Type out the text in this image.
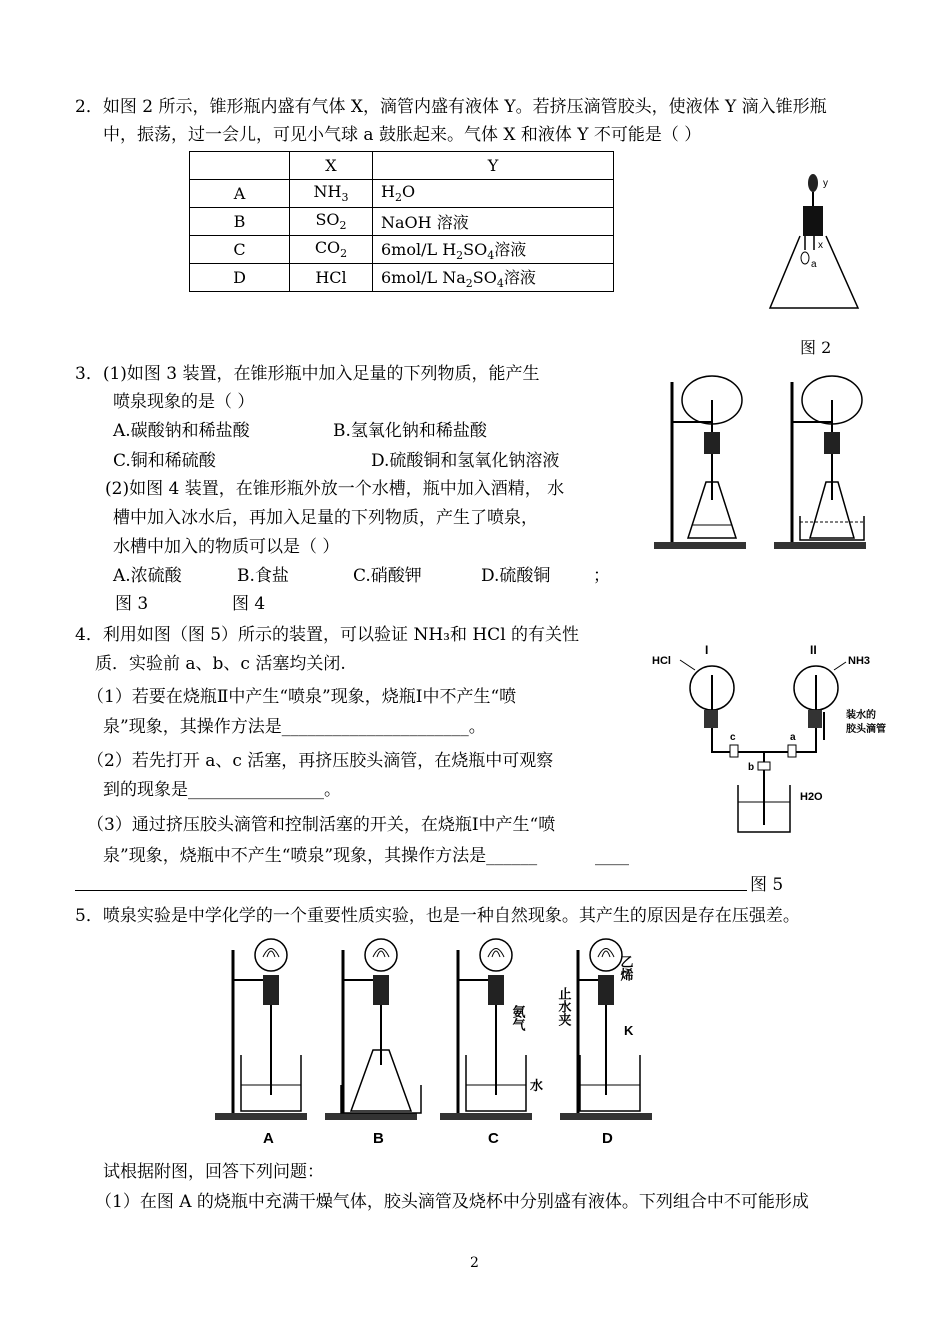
2．如图 2 所示，锥形瓶内盛有气体 X，滴管内盛有液体 Y。若挤压滴管胶头，使液体 Y 滴入锥形瓶
中，振荡，过一会儿，可见小气球 a 鼓胀起来。气体 X 和液体 Y 不可能是（ ）
	X	Y
A	$NH_3$	$H_2O$
B	$SO_2$	NaOH 溶液
C	$CO_2$	6mol/L $H_2SO_4$溶液
D	HCl	6mol/L $Na_2SO_4$溶液
y
x
a
图 2
3．(1)如图 3 装置，在锥形瓶中加入足量的下列物质，能产生
喷泉现象的是（ ）
A.碳酸钠和稀盐酸	B.氢氧化钠和稀盐酸
C.铜和稀硫酸	D.硫酸铜和氢氧化钠溶液
(2)如图 4 装置，在锥形瓶外放一个水槽，瓶中加入酒精， 水
槽中加入冰水后，再加入足量的下列物质，产生了喷泉，
水槽中加入的物质可以是（ ）
A.浓硫酸	B.食盐	C.硝酸钾	D.硫酸铜	；
图 3	图 4
4．利用如图（图 5）所示的装置，可以验证 NH₃和 HCl 的有关性
质．实验前 a、b、c 活塞均关闭.
（1）若要在烧瓶Ⅱ中产生“喷泉”现象，烧瓶Ⅰ中不产生“喷
泉”现象，其操作方法是______________________。
（2）若先打开 a、c 活塞，再挤压胶头滴管，在烧瓶中可观察
到的现象是________________。
（3）通过挤压胶头滴管和控制活塞的开关，在烧瓶Ⅰ中产生“喷
泉”现象，烧瓶中不产生“喷泉”现象，其操作方法是______	____
图 5
HCl
I	II
NH3
装水的
胶头滴管
c	a
b
H2O
5．喷泉实验是中学化学的一个重要性质实验，也是一种自然现象。其产生的原因是存在压强差。
A	B
氨气
水
C
乙烯
止水夹
K
D
试根据附图，回答下列问题：
（1）在图 A 的烧瓶中充满干燥气体，胶头滴管及烧杯中分别盛有液体。下列组合中不可能形成
2
